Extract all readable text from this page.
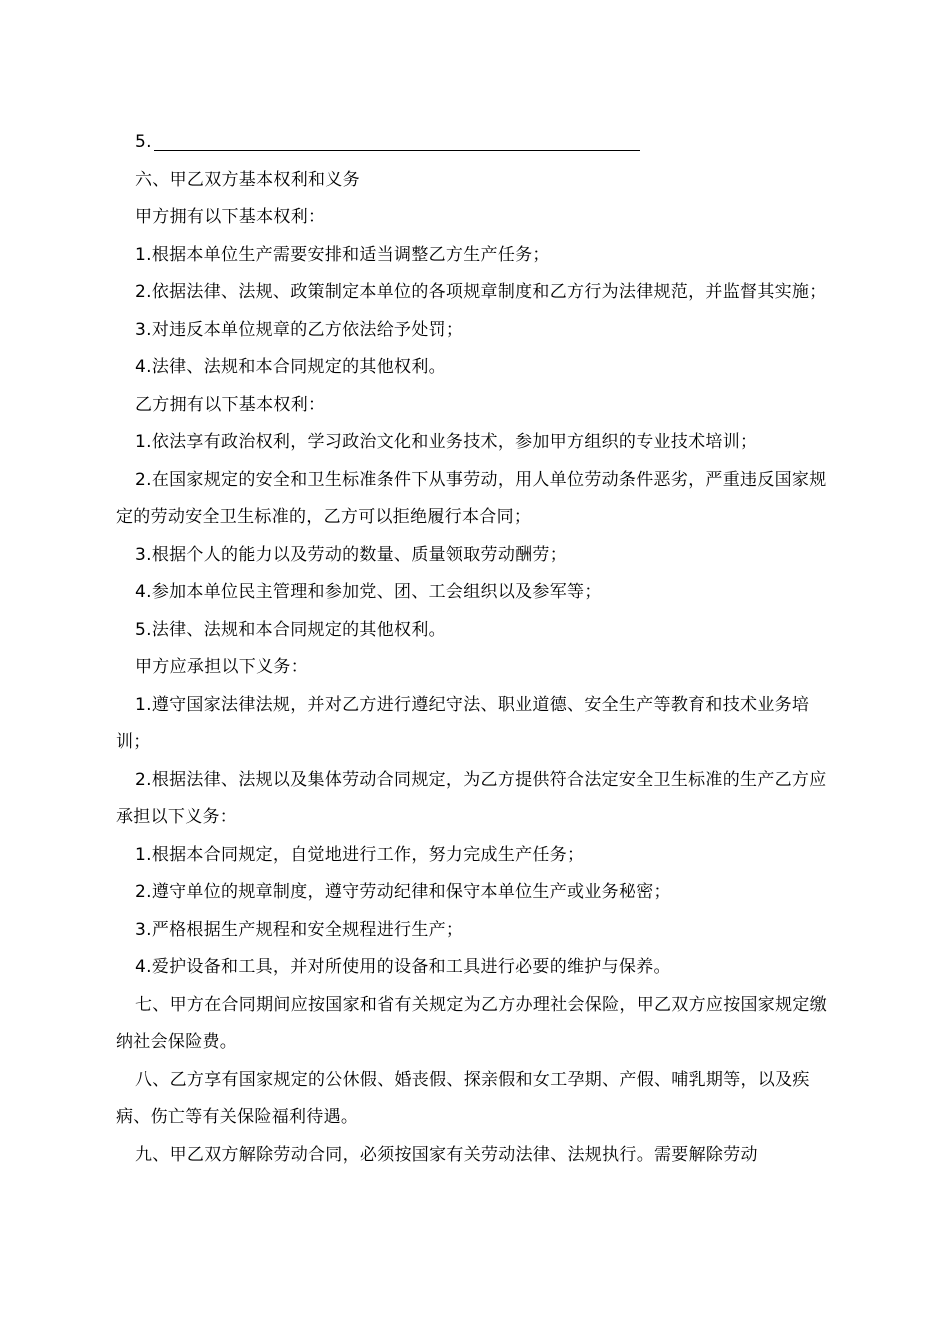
5.

六、甲乙双方基本权利和义务

甲方拥有以下基本权利：

1.根据本单位生产需要安排和适当调整乙方生产任务；

2.依据法律、法规、政策制定本单位的各项规章制度和乙方行为法律规范，并监督其实施；

3.对违反本单位规章的乙方依法给予处罚；

4.法律、法规和本合同规定的其他权利。

乙方拥有以下基本权利：

1.依法享有政治权利，学习政治文化和业务技术，参加甲方组织的专业技术培训；

2.在国家规定的安全和卫生标准条件下从事劳动，用人单位劳动条件恶劣，严重违反国家规定的劳动安全卫生标准的，乙方可以拒绝履行本合同；

3.根据个人的能力以及劳动的数量、质量领取劳动酬劳；

4.参加本单位民主管理和参加党、团、工会组织以及参军等；

5.法律、法规和本合同规定的其他权利。

甲方应承担以下义务：

1.遵守国家法律法规，并对乙方进行遵纪守法、职业道德、安全生产等教育和技术业务培训；

2.根据法律、法规以及集体劳动合同规定，为乙方提供符合法定安全卫生标准的生产乙方应承担以下义务：

1.根据本合同规定，自觉地进行工作，努力完成生产任务；

2.遵守单位的规章制度，遵守劳动纪律和保守本单位生产或业务秘密；

3.严格根据生产规程和安全规程进行生产；

4.爱护设备和工具，并对所使用的设备和工具进行必要的维护与保养。

七、甲方在合同期间应按国家和省有关规定为乙方办理社会保险，甲乙双方应按国家规定缴纳社会保险费。

八、乙方享有国家规定的公休假、婚丧假、探亲假和女工孕期、产假、哺乳期等，以及疾病、伤亡等有关保险福利待遇。

九、甲乙双方解除劳动合同，必须按国家有关劳动法律、法规执行。需要解除劳动
